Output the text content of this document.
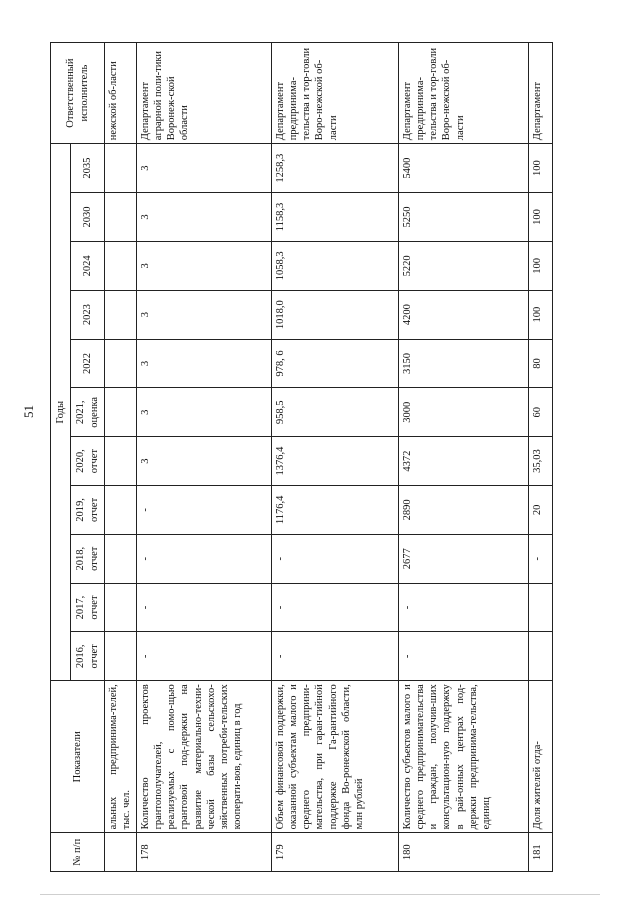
51
№ п/п	Показатели	Годы											Ответственный исполнитель
		2016, отчет	2017, отчет	2018, отчет	2019, отчет	2020, отчет	2021, оценка	2022	2023	2024	2030	2035	
	альных предпринима-телей, тыс. чел.												нежской об-ласти
178	Количество проектов грантополучателей, реализуемых с помо-щью грантовой под-держки на развитие материально-техни-ческой базы сельскохо-зяйственных потреби-тельских кооперати-вов, единиц в год	-	-	-	-	3	3	3	3	3	3	3	Департамент аграрной поли-тики Воронеж-ской области
179	Объем финансовой поддержки, оказанной субъектам малого и среднего предприни-мательства, при гаран-тийной поддержке Га-рантийного фонда Во-ронежской области, млн рублей	-	-	-	1176,4	1376,4	958,5	978, 6	1018,0	1058,3	1158,3	1258,3	Департамент предпринима-тельства и тор-говли Воро-нежской об-ласти
180	Количество субъектов малого и среднего предпринимательства и граждан, получив-ших консультацион-ную поддержку в рай-онных центрах под-держки предпринима-тельства, единиц	-	-	2677	2890	4372	3000	3150	4200	5220	5250	5400	Департамент предпринима-тельства и тор-говли Воро-нежской об-ласти
181	Доля жителей отда-			-	20	35,03	60	80	100	100	100	100	Департамент
